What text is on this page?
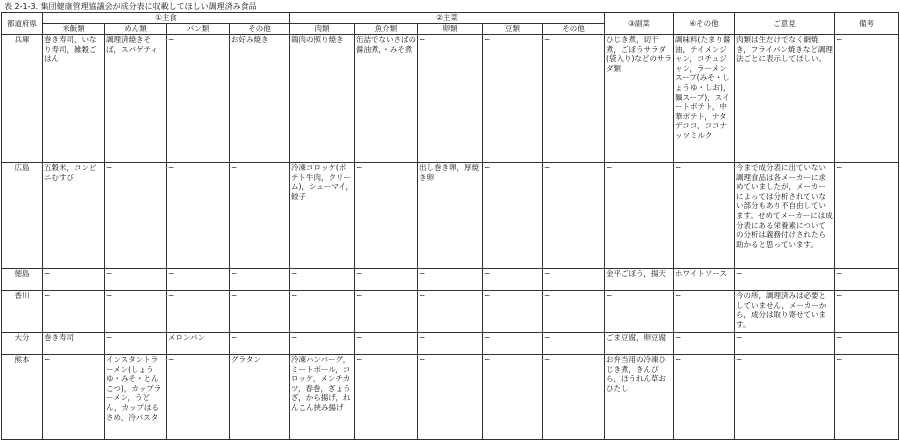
表 2-1-3. 集団健康管理協議会が成分表に収載してほしい調理済み食品
都道府県	①主食				②主菜					③副菜	④その他	ご意見	備考
	米飯類	めん類	パン類	その他	肉類	魚介類	卵類	豆類	その他				
兵庫	巻き寿司，いなり寿司，雑穀ごはん	調理済焼きそば，スパゲティ	−	お好み焼き	鶏肉の照り焼き	缶詰でないさばの醤油煮，・みそ煮	−	−	−	ひじき煮，切干煮，ごぼうサラダ(袋入り)などのサラダ類	調味料(たまり醤油，テイメンジャン，コチュジャン，ラーメンスープ(みそ・しょうゆ・しお)，麺スープ)，スイートポテト，中華ポテト，ナタデココ，ココナッツミルク	肉類は生だけでなく網焼き，フライパン焼きなど調理法ごとに表示してほしい。	−
広島	五穀米，コンビニむすび	−	−	−	冷凍コロッケ(ポテト牛肉，クリーム)，シューマイ，餃子	−	出し巻き卵，厚焼き卵	−	−	−	−	今まで成分表に出ていない調理食品は各メーカーに求めていましたが，メーカーによっては分析されていない部分もあり不自由しています。せめてメーカーには成分表にある栄養素についての分析は義務付けされたら助かると思っています。	−
徳島	−	−	−	−	−	−	−	−	−	金平ごぼう，揚天	ホワイトソース	−	−
香川	−	−	−	−	−	−	−	−	−	−	−	今の所，調理済みは必要としていません，メーカーから，成分は取り寄せています。	−
大分	巻き寿司	−	メロンパン	−	−	−	−	−	−	ごま豆腐，卵豆腐	−	−	−
熊本	−	インスタントラーメン(しょうゆ・みそ・とんこつ)，カップラーメン，うどん，カップはるさめ，冷パスタ	−	グラタン	冷凍ハンバーグ，ミートボール，コロッケ，メンチカツ，春巻，ぎょうざ，から揚げ，れんこん挟み揚げ	−	−	−	−	お弁当用の冷凍ひじき煮，きんぴら，ほうれん草おひたし	−	−	−
